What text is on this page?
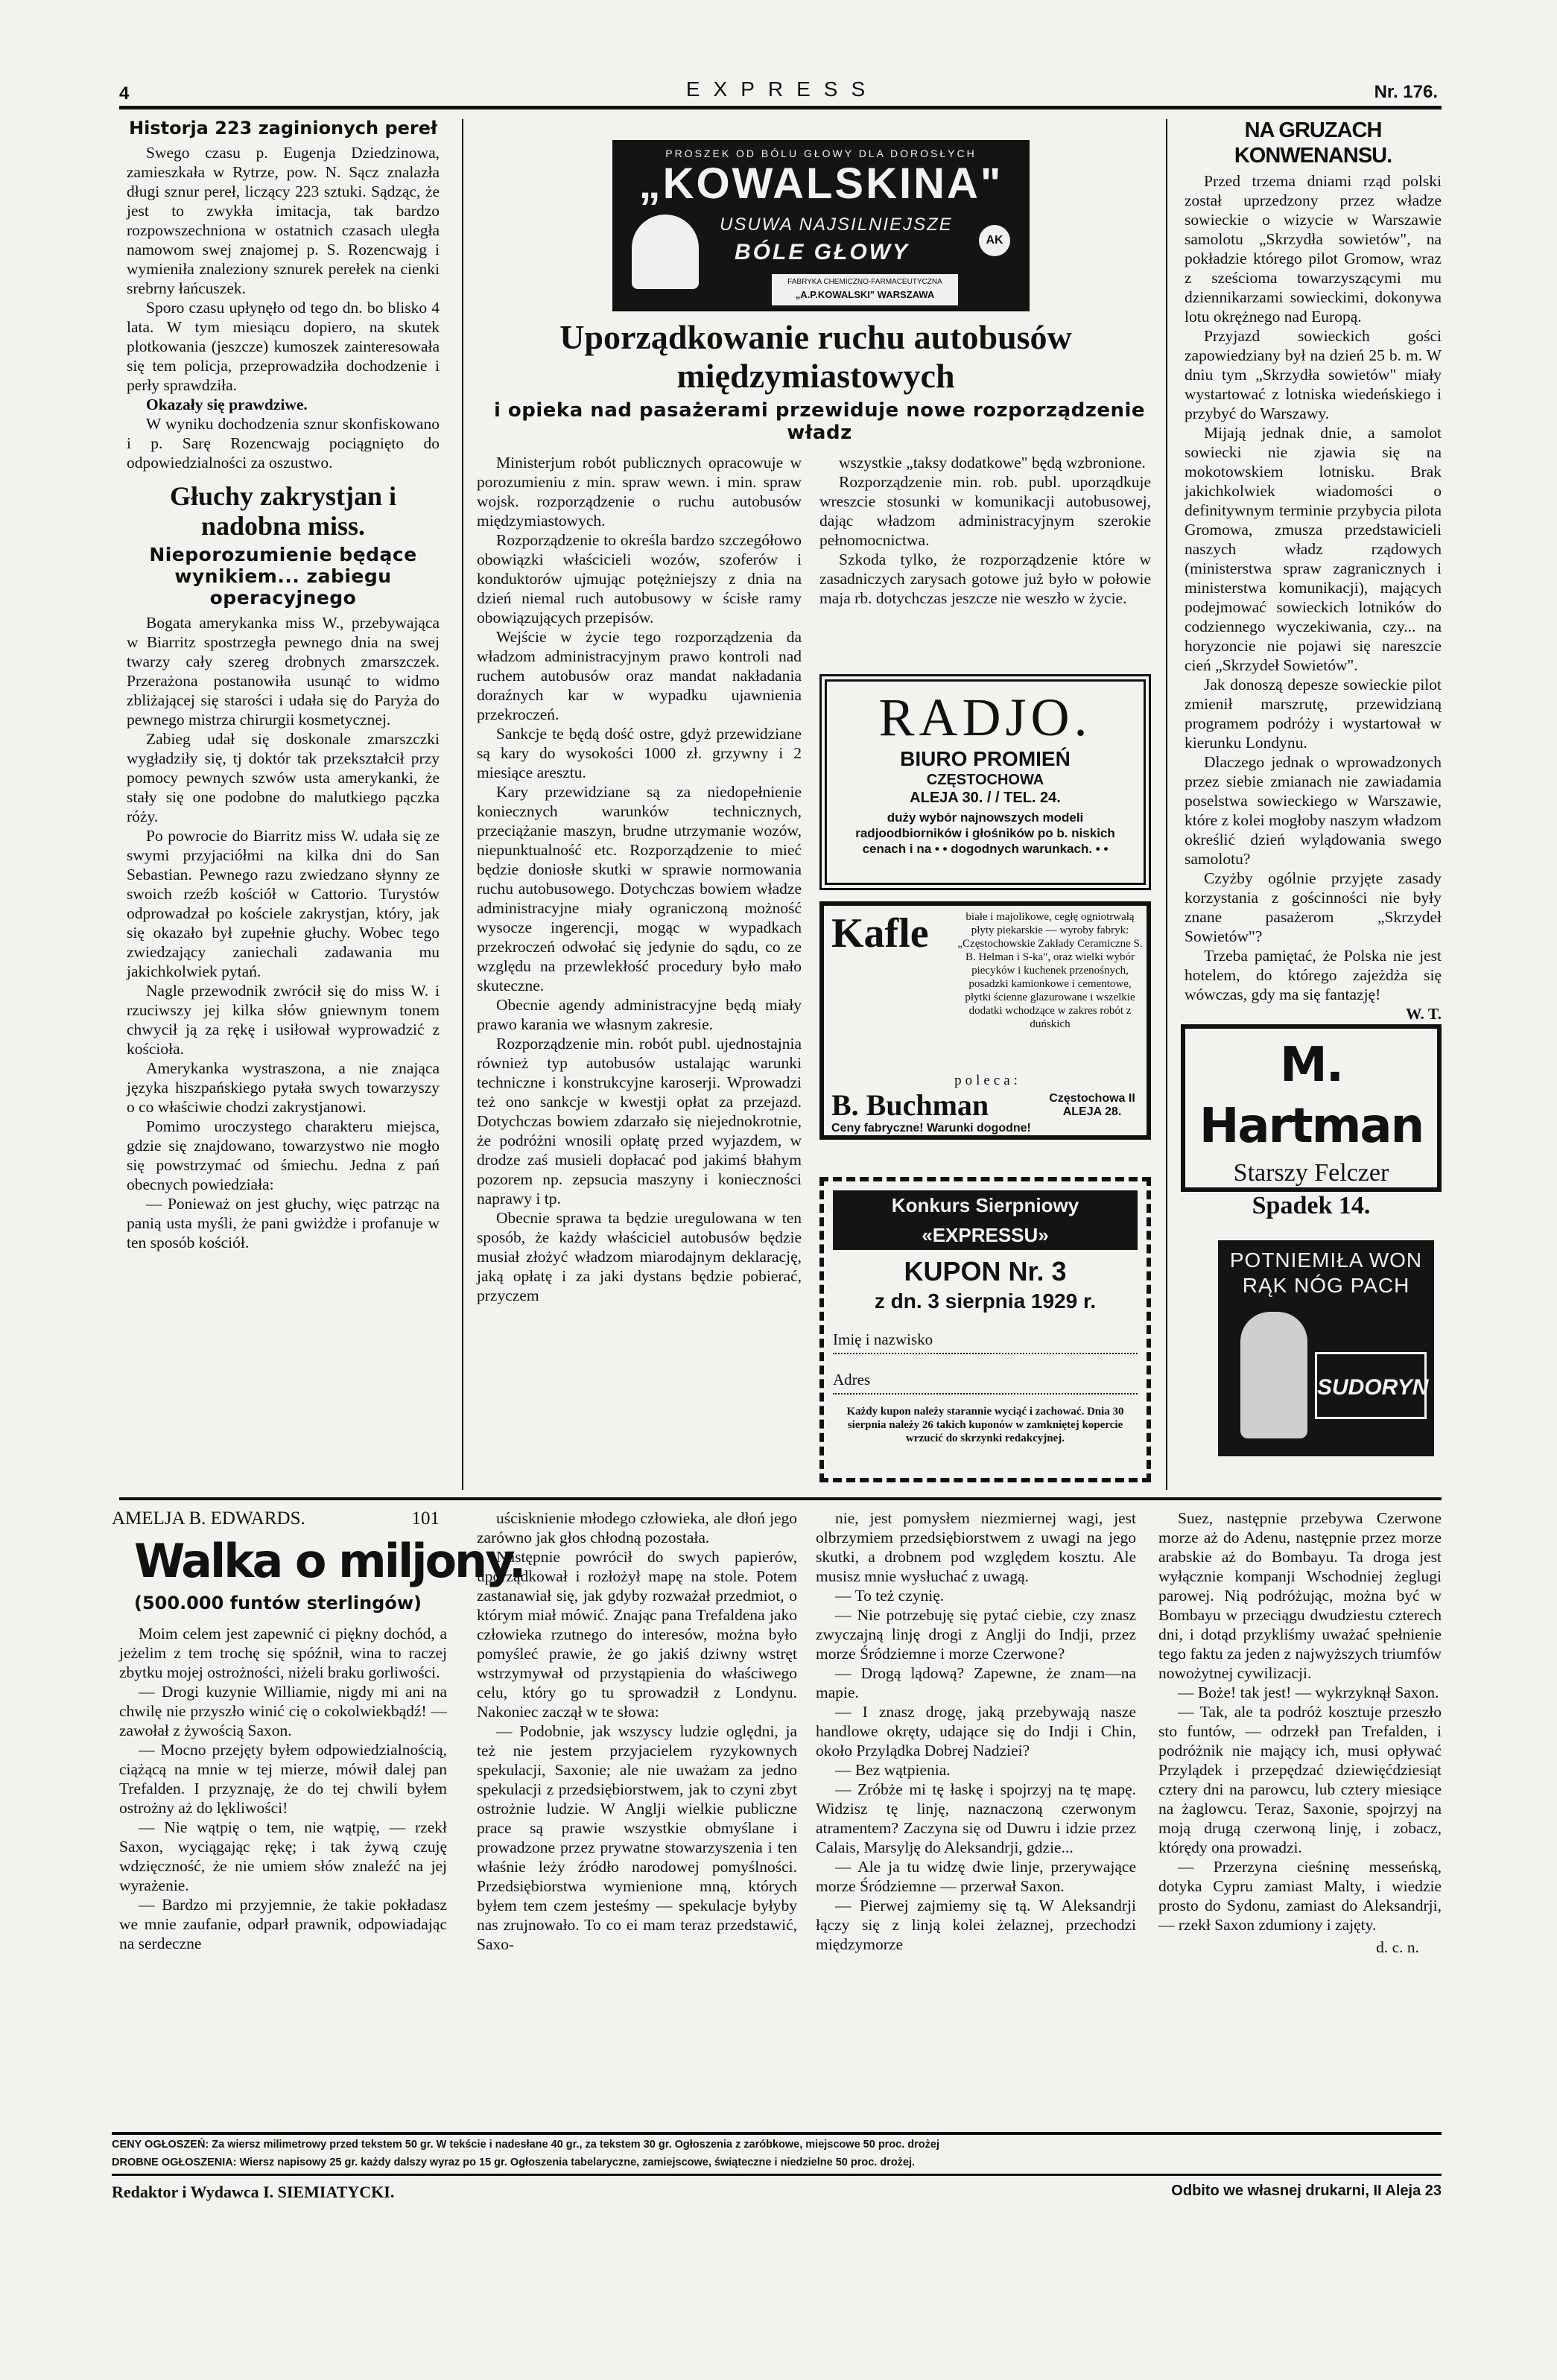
4	EXPRESS	Nr. 176.
Historja 223 zaginionych pereł

Swego czasu p. Eugenja Dziedzinowa, zamieszkała w Rytrze, pow. N. Sącz znalazła długi sznur pereł, liczący 223 sztuki. Sądząc, że jest to zwykła imitacja, tak bardzo rozpowszechniona w ostatnich czasach uległa namowom swej znajomej p. S. Rozencwajg i wymieniła znaleziony sznurek perełek na cienki srebrny łańcuszek.

Sporo czasu upłynęło od tego dn. bo blisko 4 lata. W tym miesiącu dopiero, na skutek plotkowania (jeszcze) kumoszek zainteresowała się tem policja, przeprowadziła dochodzenie i perły sprawdziła.

Okazały się prawdziwe.

W wyniku dochodzenia sznur skonfiskowano i p. Sarę Rozencwajg pociągnięto do odpowiedzialności za oszustwo.

Głuchy zakrystjan i nadobna miss.
Nieporozumienie będące wynikiem... zabiegu operacyjnego

Bogata amerykanka miss W., przebywająca w Biarritz spostrzegła pewnego dnia na swej twarzy cały szereg drobnych zmarszczek. Przerażona postanowiła usunąć to widmo zbliżającej się starości i udała się do Paryża do pewnego mistrza chirurgii kosmetycznej.

Zabieg udał się doskonale zmarszczki wygładziły się, tj doktór tak przekształcił przy pomocy pewnych szwów usta amerykanki, że stały się one podobne do malutkiego pączka róży.

Po powrocie do Biarritz miss W. udała się ze swymi przyjaciółmi na kilka dni do San Sebastian. Pewnego razu zwiedzano słynny ze swoich rzeźb kościół w Cattorio. Turystów odprowadzał po kościele zakrystjan, który, jak się okazało był zupełnie głuchy. Wobec tego zwiedzający zaniechali zadawania mu jakichkolwiek pytań.

Nagle przewodnik zwrócił się do miss W. i rzuciwszy jej kilka słów gniewnym tonem chwycił ją za rękę i usiłował wyprowadzić z kościoła.

Amerykanka wystraszona, a nie znająca języka hiszpańskiego pytała swych towarzyszy o co właściwie chodzi zakrystjanowi.

Pomimo uroczystego charakteru miejsca, gdzie się znajdowano, towarzystwo nie mogło się powstrzymać od śmiechu. Jedna z pań obecnych powiedziała:

— Ponieważ on jest głuchy, więc patrząc na panią usta myśli, że pani gwiżdże i profanuje w ten sposób kościół.

PROSZEK OD BÓLU GŁOWY DLA DOROSŁYCH
„KOWALSKINA"
USUWA NAJSILNIEJSZE
BÓLE GŁOWY	AK
FABRYKA CHEMICZNO-FARMACEUTYCZNA
„A.P.KOWALSKI" WARSZAWA
Uporządkowanie ruchu autobusów
międzymiastowych
i opieka nad pasażerami przewiduje nowe rozporządzenie władz

Ministerjum robót publicznych opracowuje w porozumieniu z min. spraw wewn. i min. spraw wojsk. rozporządzenie o ruchu autobusów międzymiastowych.

Rozporządzenie to określa bardzo szczegółowo obowiązki właścicieli wozów, szoferów i konduktorów ujmując potężniejszy z dnia na dzień niemal ruch autobusowy w ścisłe ramy obowiązujących przepisów.

Wejście w życie tego rozporządzenia da władzom administracyjnym prawo kontroli nad ruchem autobusów oraz mandat nakładania doraźnych kar w wypadku ujawnienia przekroczeń.

Sankcje te będą dość ostre, gdyż przewidziane są kary do wysokości 1000 zł. grzywny i 2 miesiące aresztu.

Kary przewidziane są za niedopełnienie koniecznych warunków technicznych, przeciążanie maszyn, brudne utrzymanie wozów, niepunktualność etc. Rozporządzenie to mieć będzie doniosłe skutki w sprawie normowania ruchu autobusowego. Dotychczas bowiem władze administracyjne miały ograniczoną możność wysocze ingerencji, mogąc w wypadkach przekroczeń odwołać się jedynie do sądu, co ze względu na przewlekłość procedury było mało skuteczne.

Obecnie agendy administracyjne będą miały prawo karania we własnym zakresie.

Rozporządzenie min. robót publ. ujednostajnia również typ autobusów ustalając warunki techniczne i konstrukcyjne karoserji. Wprowadzi też ono sankcje w kwestji opłat za przejazd. Dotychczas bowiem zdarzało się niejednokrotnie, że podróżni wnosili opłatę przed wyjazdem, w drodze zaś musieli dopłacać pod jakimś błahym pozorem np. zepsucia maszyny i konieczności naprawy i tp.

Obecnie sprawa ta będzie uregulowana w ten sposób, że każdy właściciel autobusów będzie musiał złożyć władzom miarodajnym deklarację, jaką opłatę i za jaki dystans będzie pobierać, przyczem

wszystkie „taksy dodatkowe" będą wzbronione.

Rozporządzenie min. rob. publ. uporządkuje wreszcie stosunki w komunikacji autobusowej, dając władzom administracyjnym szerokie pełnomocnictwa.

Szkoda tylko, że rozporządzenie które w zasadniczych zarysach gotowe już było w połowie maja rb. dotychczas jeszcze nie weszło w życie.

RADJO.
BIURO PROMIEŃ
CZĘSTOCHOWA
ALEJA 30. / / TEL. 24.
duży wybór najnowszych modeli radjoodbiorników i głośników po b. niskich cenach i na • • dogodnych warunkach. • •
Kafle	białe i majolikowe, cegłę ogniotrwałą płyty piekarskie — wyroby fabryk: „Częstochowskie Zakłady Ceramiczne S. B. Helman i S-ka", oraz wielki wybór piecyków i kuchenek przenośnych, posadzki kamionkowe i cementowe, płytki ścienne glazurowane i wszelkie dodatki wchodzące w zakres robót z duńskich
poleca:
B. Buchman	Częstochowa II ALEJA 28.
Ceny fabryczne! Warunki dogodne!
Konkurs Sierpniowy «EXPRESSU»
KUPON Nr. 3
z dn. 3 sierpnia 1929 r.
Imię i nazwisko
Adres
Każdy kupon należy starannie wyciąć i zachować. Dnia 30 sierpnia należy 26 takich kuponów w zamkniętej kopercie wrzucić do skrzynki redakcyjnej.
NA GRUZACH KONWENANSU.

Przed trzema dniami rząd polski został uprzedzony przez władze sowieckie o wizycie w Warszawie samolotu „Skrzydła sowietów", na pokładzie którego pilot Gromow, wraz z sześcioma towarzyszącymi mu dziennikarzami sowieckimi, dokonywa lotu okrężnego nad Europą.

Przyjazd sowieckich gości zapowiedziany był na dzień 25 b. m. W dniu tym „Skrzydła sowietów" miały wystartować z lotniska wiedeńskiego i przybyć do Warszawy.

Mijają jednak dnie, a samolot sowiecki nie zjawia się na mokotowskiem lotnisku. Brak jakichkolwiek wiadomości o definitywnym terminie przybycia pilota Gromowa, zmusza przedstawicieli naszych władz rządowych (ministerstwa spraw zagranicznych i ministerstwa komunikacji), mających podejmować sowieckich lotników do codziennego wyczekiwania, czy... na horyzoncie nie pojawi się nareszcie cień „Skrzydeł Sowietów".

Jak donoszą depesze sowieckie pilot zmienił marszrutę, przewidzianą programem podróży i wystartował w kierunku Londynu.

Dlaczego jednak o wprowadzonych przez siebie zmianach nie zawiadamia poselstwa sowieckiego w Warszawie, które z kolei mogłoby naszym władzom określić dzień wylądowania swego samolotu?

Czyżby ogólnie przyjęte zasady korzystania z gościnności nie były znane pasażerom „Skrzydeł Sowietów"?

Trzeba pamiętać, że Polska nie jest hotelem, do którego zajeżdża się wówczas, gdy ma się fantazję!

W. T.
M. Hartman
Starszy Felczer
Spadek 14.
POTNIEMIŁA WON
RĄK NÓG PACH
SUDORYN
AMELJA B. EDWARDS.	101
Walka o miljony.
(500.000 funtów sterlingów)

Moim celem jest zapewnić ci piękny dochód, a jeżelim z tem trochę się spóźnił, wina to raczej zbytku mojej ostrożności, niżeli braku gorliwości.

— Drogi kuzynie Williamie, nigdy mi ani na chwilę nie przyszło winić cię o cokolwiekbądź! — zawołał z żywością Saxon.

— Mocno przejęty byłem odpowiedzialnością, ciążącą na mnie w tej mierze, mówił dalej pan Trefalden. I przyznaję, że do tej chwili byłem ostrożny aż do lękliwości!

— Nie wątpię o tem, nie wątpię, — rzekł Saxon, wyciągając rękę; i tak żywą czuję wdzięczność, że nie umiem słów znaleźć na jej wyrażenie.

— Bardzo mi przyjemnie, że takie pokładasz we mnie zaufanie, odparł prawnik, odpowiadając na serdeczne

uścisknienie młodego człowieka, ale dłoń jego zarówno jak głos chłodną pozostała.

Następnie powrócił do swych papierów, uporządkował i rozłożył mapę na stole. Potem zastanawiał się, jak gdyby rozważał przedmiot, o którym miał mówić. Znając pana Trefaldena jako człowieka rzutnego do interesów, można było pomyśleć prawie, że go jakiś dziwny wstręt wstrzymywał od przystąpienia do właściwego celu, który go tu sprowadził z Londynu. Nakoniec zaczął w te słowa:

— Podobnie, jak wszyscy ludzie oględni, ja też nie jestem przyjacielem ryzykownych spekulacji, Saxonie; ale nie uważam za jedno spekulacji z przedsiębiorstwem, jak to czyni zbyt ostrożnie ludzie. W Anglji wielkie publiczne prace są prawie wszystkie obmyślane i prowadzone przez prywatne stowarzyszenia i ten właśnie leży źródło narodowej pomyślności. Przedsiębiorstwa wymienione mną, których byłem tem czem jesteśmy — spekulacje byłyby nas zrujnowało. To co ei mam teraz przedstawić, Saxo-

nie, jest pomysłem niezmiernej wagi, jest olbrzymiem przedsiębiorstwem z uwagi na jego skutki, a drobnem pod względem kosztu. Ale musisz mnie wysłuchać z uwagą.

— To też czynię.

— Nie potrzebuję się pytać ciebie, czy znasz zwyczajną linję drogi z Anglji do Indji, przez morze Śródziemne i morze Czerwone?

— Drogą lądową? Zapewne, że znam—na mapie.

— I znasz drogę, jaką przebywają nasze handlowe okręty, udające się do Indji i Chin, około Przylądka Dobrej Nadziei?

— Bez wątpienia.

— Zróbże mi tę łaskę i spojrzyj na tę mapę. Widzisz tę linję, naznaczoną czerwonym atramentem? Zaczyna się od Duwru i idzie przez Calais, Marsylję do Aleksandrji, gdzie...

— Ale ja tu widzę dwie linje, przerywające morze Śródziemne — przerwał Saxon.

— Pierwej zajmiemy się tą. W Aleksandrji łączy się z linją kolei żelaznej, przechodzi międzymorze

Suez, następnie przebywa Czerwone morze aż do Adenu, następnie przez morze arabskie aż do Bombayu. Ta droga jest wyłącznie kompanji Wschodniej żeglugi parowej. Nią podróżując, można być w Bombayu w przeciągu dwudziestu czterech dni, i dotąd przykliśmy uważać spełnienie tego faktu za jeden z najwyższych triumfów nowożytnej cywilizacji.

— Boże! tak jest! — wykrzyknął Saxon.

— Tak, ale ta podróż kosztuje przeszło sto funtów, — odrzekł pan Trefalden, i podróżnik nie mający ich, musi opływać Przylądek i przepędzać dziewięćdziesiąt cztery dni na parowcu, lub cztery miesiące na żaglowcu. Teraz, Saxonie, spojrzyj na moją drugą czerwoną linję, i zobacz, którędy ona prowadzi.

— Przerzyna cieśninę messeńską, dotyka Cypru zamiast Malty, i wiedzie prosto do Sydonu, zamiast do Aleksandrji, — rzekł Saxon zdumiony i zajęty.

d. c. n.
CENY OGŁOSZEŃ: Za wiersz milimetrowy przed tekstem 50 gr. W tekście i nadesłane 40 gr., za tekstem 30 gr. Ogłoszenia z zaróbkowe, miejscowe 50 proc. drożej
DROBNE OGŁOSZENIA: Wiersz napisowy 25 gr. każdy dalszy wyraz po 15 gr. Ogłoszenia tabelaryczne, zamiejscowe, świąteczne i niedzielne 50 proc. drożej.
Redaktor i Wydawca I. SIEMIATYCKI.	Odbito we własnej drukarni, II Aleja 23
